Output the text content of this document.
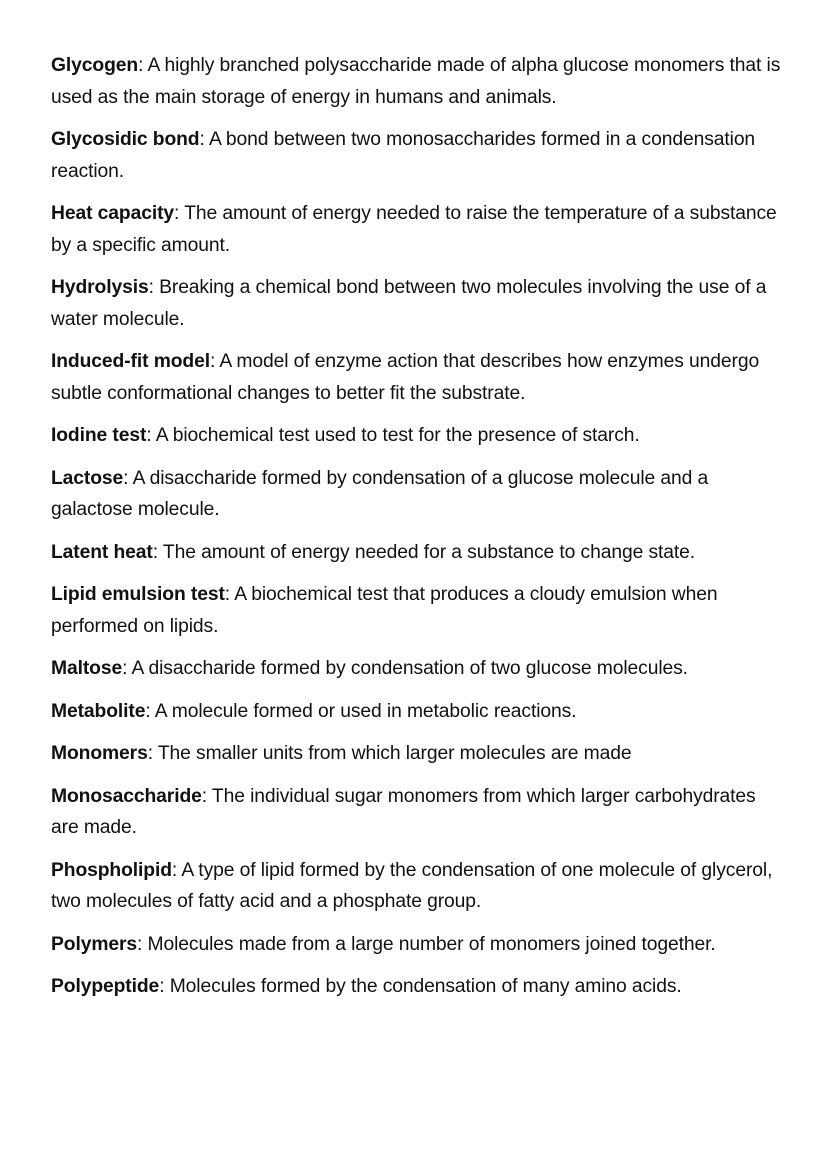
Glycogen: A highly branched polysaccharide made of alpha glucose monomers that is used as the main storage of energy in humans and animals.
Glycosidic bond: A bond between two monosaccharides formed in a condensation reaction.
Heat capacity: The amount of energy needed to raise the temperature of a substance by a specific amount.
Hydrolysis: Breaking a chemical bond between two molecules involving the use of a water molecule.
Induced-fit model: A model of enzyme action that describes how enzymes undergo subtle conformational changes to better fit the substrate.
Iodine test: A biochemical test used to test for the presence of starch.
Lactose: A disaccharide formed by condensation of a glucose molecule and a galactose molecule.
Latent heat: The amount of energy needed for a substance to change state.
Lipid emulsion test: A biochemical test that produces a cloudy emulsion when performed on lipids.
Maltose: A disaccharide formed by condensation of two glucose molecules.
Metabolite: A molecule formed or used in metabolic reactions.
Monomers: The smaller units from which larger molecules are made
Monosaccharide: The individual sugar monomers from which larger carbohydrates are made.
Phospholipid: A type of lipid formed by the condensation of one molecule of glycerol, two molecules of fatty acid and a phosphate group.
Polymers: Molecules made from a large number of monomers joined together.
Polypeptide: Molecules formed by the condensation of many amino acids.
